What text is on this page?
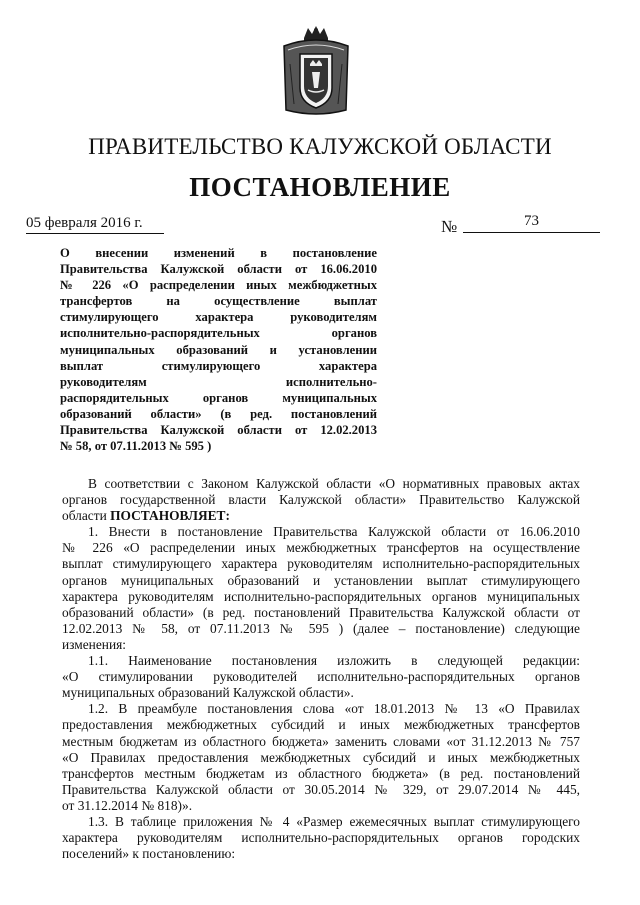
ПРАВИТЕЛЬСТВО КАЛУЖСКОЙ ОБЛАСТИ
ПОСТАНОВЛЕНИЕ
05 февраля 2016 г.	№	73
О внесении изменений в постановление
Правительства Калужской области от 16.06.2010
№ 226 «О распределении иных межбюджетных
трансфертов на осуществление выплат
стимулирующего характера руководителям
исполнительно-распорядительных органов
муниципальных образований и установлении
выплат стимулирующего характера
руководителям исполнительно-
распорядительных органов муниципальных
образований области» (в ред. постановлений
Правительства Калужской области от 12.02.2013
№ 58, от 07.11.2013 № 595 )
В соответствии с Законом Калужской области «О нормативных правовых актах
органов государственной власти Калужской области» Правительство Калужской
области ПОСТАНОВЛЯЕТ:
1. Внести в постановление Правительства Калужской области от 16.06.2010
№ 226 «О распределении иных межбюджетных трансфертов на осуществление
выплат стимулирующего характера руководителям исполнительно-распорядительных
органов муниципальных образований и установлении выплат стимулирующего
характера руководителям исполнительно-распорядительных органов муниципальных
образований области» (в ред. постановлений Правительства Калужской области от
12.02.2013 № 58, от 07.11.2013 № 595 ) (далее – постановление) следующие
изменения:
1.1. Наименование постановления изложить в следующей редакции:
«О стимулировании руководителей исполнительно-распорядительных органов
муниципальных образований Калужской области».
1.2. В преамбуле постановления слова «от 18.01.2013 № 13 «О Правилах
предоставления межбюджетных субсидий и иных межбюджетных трансфертов
местным бюджетам из областного бюджета» заменить словами «от 31.12.2013 № 757
«О Правилах предоставления межбюджетных субсидий и иных межбюджетных
трансфертов местным бюджетам из областного бюджета» (в ред. постановлений
Правительства Калужской области от 30.05.2014 № 329, от 29.07.2014 № 445,
от 31.12.2014 № 818)».
1.3. В таблице приложения № 4 «Размер ежемесячных выплат стимулирующего
характера руководителям исполнительно-распорядительных органов городских
поселений» к постановлению:
